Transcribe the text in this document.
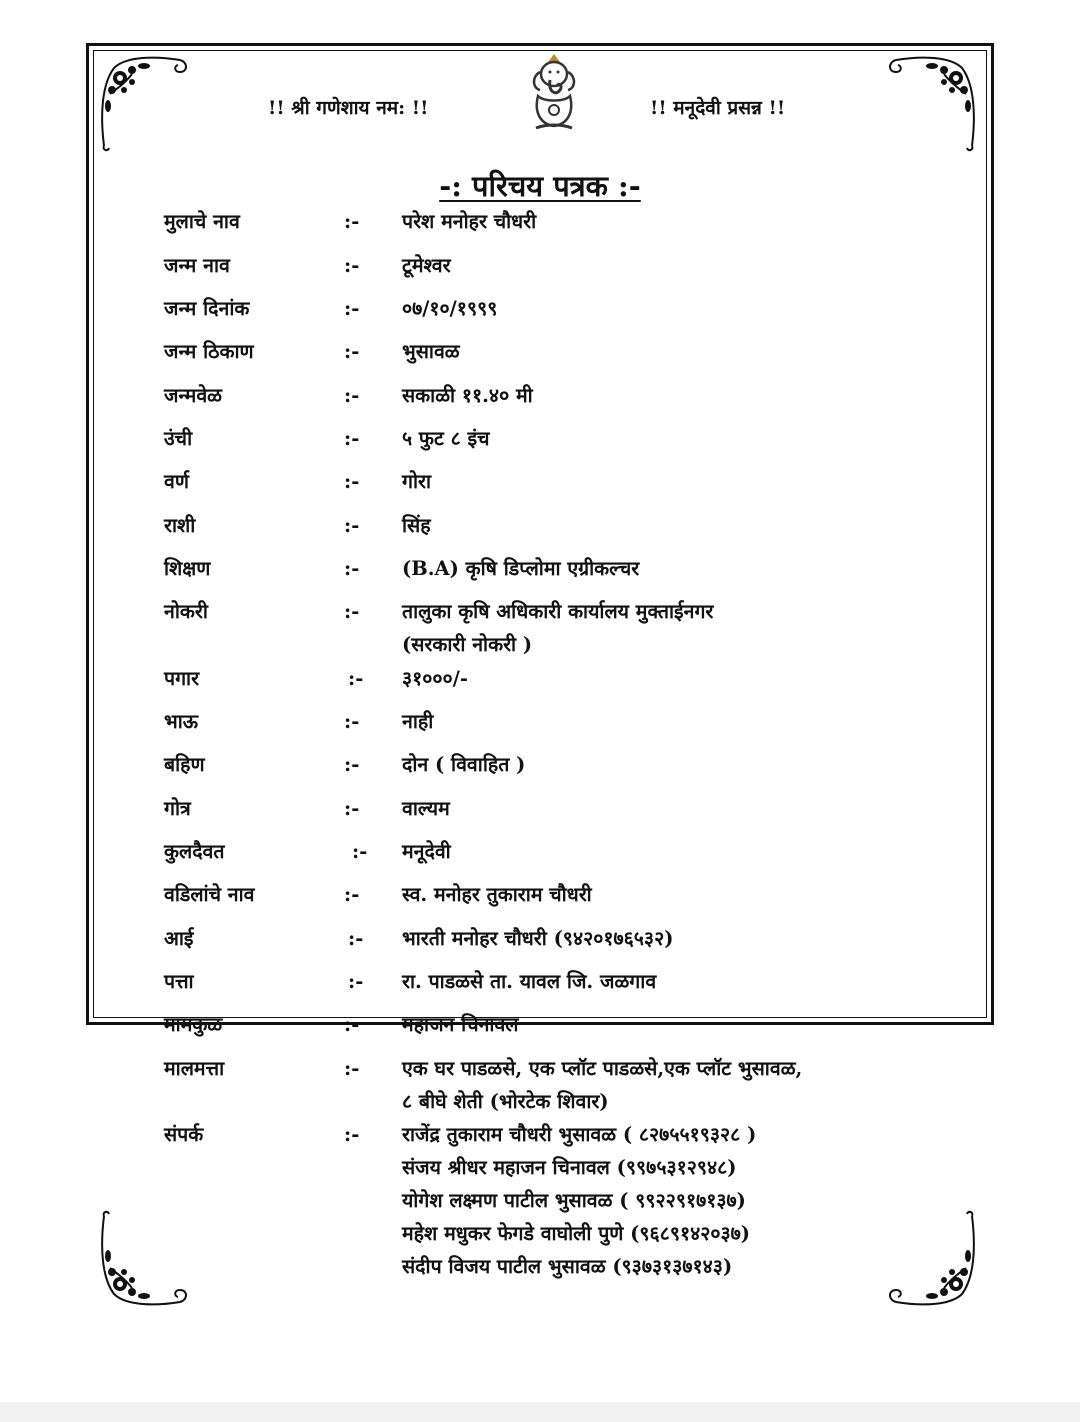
!! श्री गणेशाय नम: !!	!! मनूदेवी प्रसन्न !!
-: परिचय पत्रक :-
मुलाचे नाव	:- परेश मनोहर चौधरी
जन्म नाव	:- टूमेश्वर
जन्म दिनांक	:- ०७/१०/१९९९
जन्म ठिकाण	:- भुसावळ
जन्मवेळ	:- सकाळी ११.४० मी
उंची	:- ५ फुट ८ इंच
वर्ण	:- गोरा
राशी	:- सिंह
शिक्षण	:- (B.A) कृषि डिप्लोमा एग्रीकल्चर
नोकरी	:- तालुका कृषि अधिकारी कार्यालय मुक्ताईनगर
(सरकारी नोकरी )
पगार	:- ३१०००/-
भाऊ	:- नाही
बहिण	:- दोन ( विवाहित )
गोत्र	:- वाल्यम
कुलदैवत	:- मनूदेवी
वडिलांचे नाव	:- स्व. मनोहर तुकाराम चौधरी
आई	:- भारती मनोहर चौधरी (९४२०१७६५३२)
पत्ता	:- रा. पाडळसे ता. यावल जि. जळगाव
मामकुळ	:- महाजन चिनावल
मालमत्ता	:- एक घर पाडळसे, एक प्लॉट पाडळसे,एक प्लॉट भुसावळ,
८ बीघे शेती (भोरटेक शिवार)
संपर्क	:- राजेंद्र तुकाराम चौधरी भुसावळ ( ८२७५५१९३२८ )
संजय श्रीधर महाजन चिनावल (९९७५३१२९४८)
योगेश लक्ष्मण पाटील भुसावळ ( ९९२२९१७१३७)
महेश मधुकर फेगडे वाघोली पुणे (९६८९१४२०३७)
संदीप विजय पाटील भुसावळ (९३७३१३७१४३)
